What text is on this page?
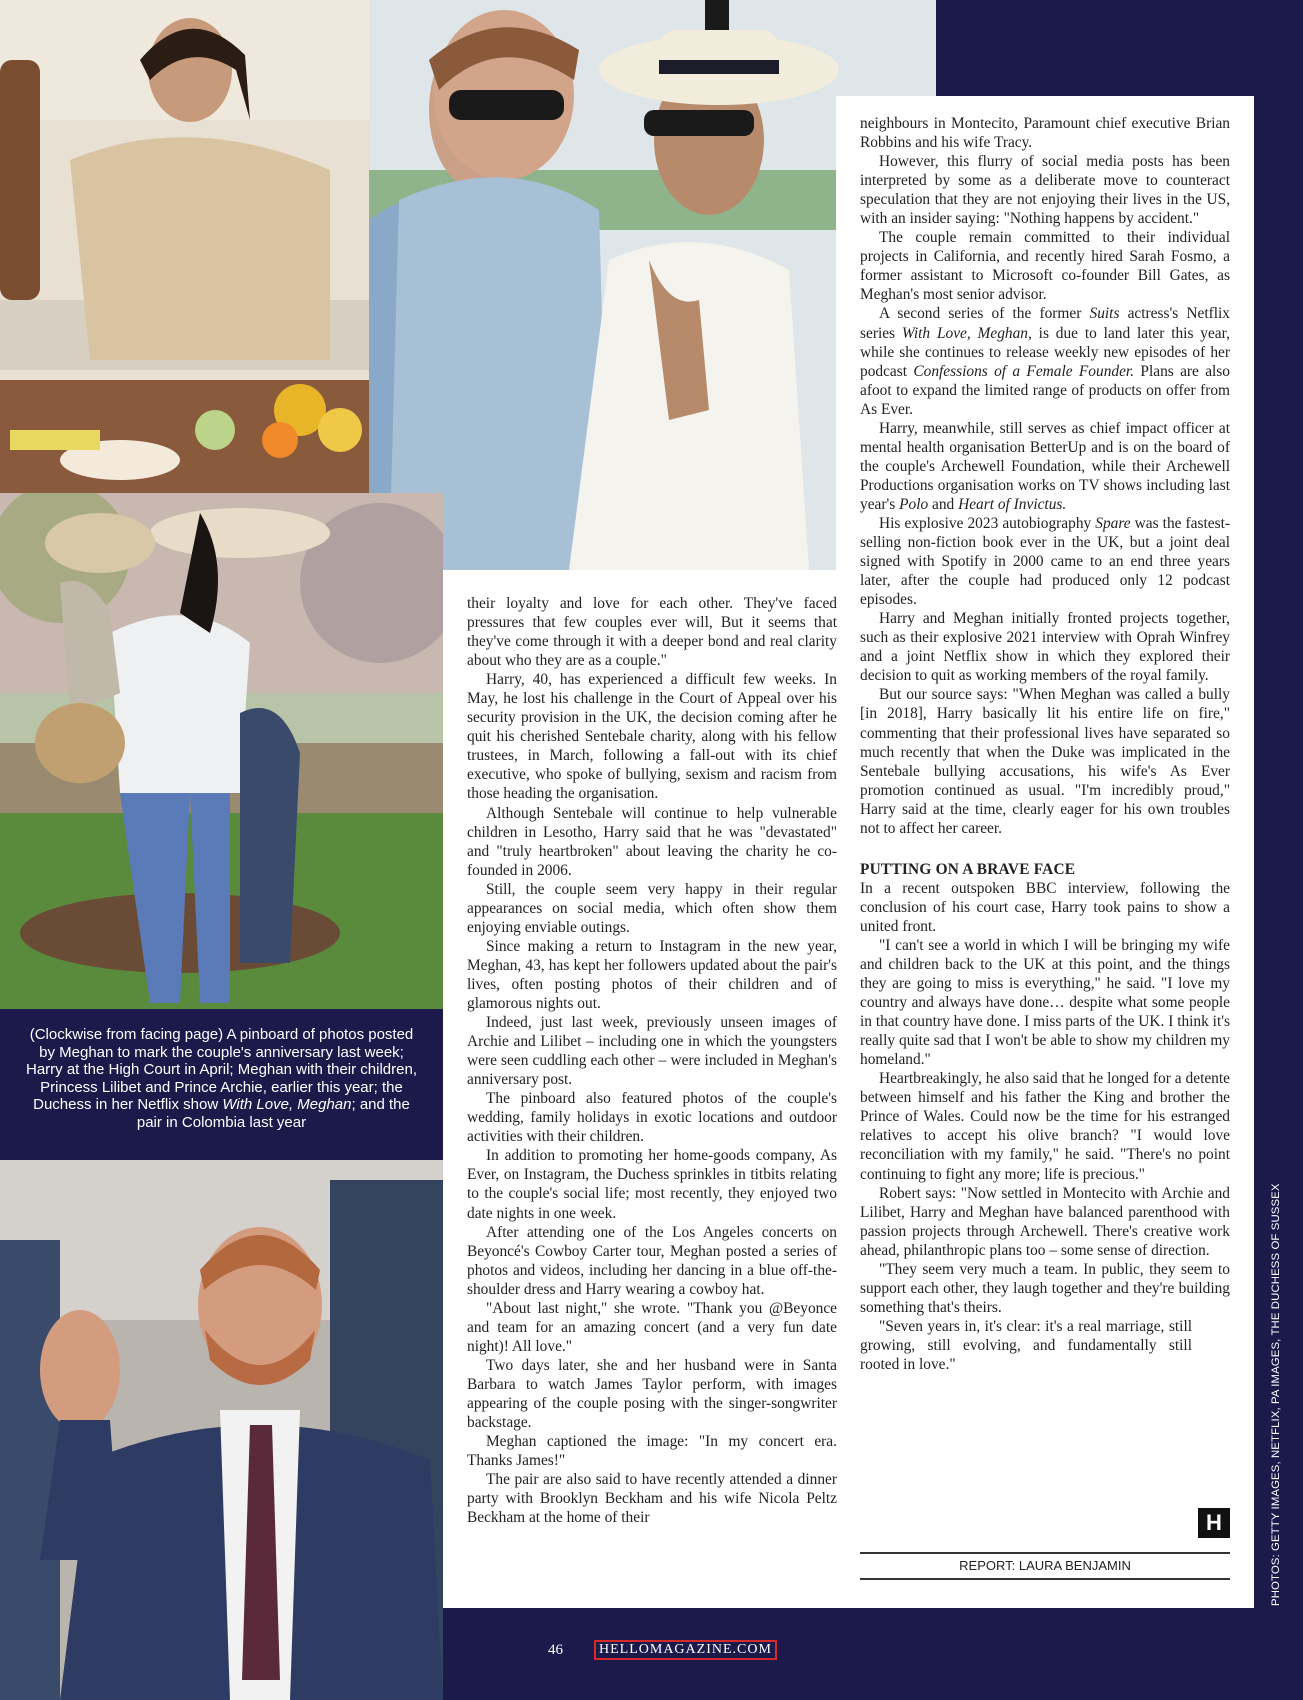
(Clockwise from facing page) A pinboard of photos posted by Meghan to mark the couple's anniversary last week; Harry at the High Court in April; Meghan with their children, Princess Lilibet and Prince Archie, earlier this year; the Duchess in her Netflix show With Love, Meghan; and the pair in Colombia last year

their loyalty and love for each other. They've faced pressures that few couples ever will, But it seems that they've come through it with a deeper bond and real clarity about who they are as a couple."

Harry, 40, has experienced a difficult few weeks. In May, he lost his challenge in the Court of Appeal over his security provision in the UK, the decision coming after he quit his cherished Sentebale charity, along with his fellow trustees, in March, following a fall-out with its chief executive, who spoke of bullying, sexism and racism from those heading the organisation.

Although Sentebale will continue to help vulnerable children in Lesotho, Harry said that he was "devastated" and "truly heartbroken" about leaving the charity he co-founded in 2006.

Still, the couple seem very happy in their regular appearances on social media, which often show them enjoying enviable outings.

Since making a return to Instagram in the new year, Meghan, 43, has kept her followers updated about the pair's lives, often posting photos of their children and of glamorous nights out.

Indeed, just last week, previously unseen images of Archie and Lilibet – including one in which the youngsters were seen cuddling each other – were included in Meghan's anniversary post.

The pinboard also featured photos of the couple's wedding, family holidays in exotic locations and outdoor activities with their children.

In addition to promoting her home-goods company, As Ever, on Instagram, the Duchess sprinkles in titbits relating to the couple's social life; most recently, they enjoyed two date nights in one week.

After attending one of the Los Angeles concerts on Beyoncé's Cowboy Carter tour, Meghan posted a series of photos and videos, including her dancing in a blue off-the-shoulder dress and Harry wearing a cowboy hat.

"About last night," she wrote. "Thank you @Beyonce and team for an amazing concert (and a very fun date night)! All love."

Two days later, she and her husband were in Santa Barbara to watch James Taylor perform, with images appearing of the couple posing with the singer-songwriter backstage.

Meghan captioned the image: "In my concert era. Thanks James!"

The pair are also said to have recently attended a dinner party with Brooklyn Beckham and his wife Nicola Peltz Beckham at the home of their

neighbours in Montecito, Paramount chief executive Brian Robbins and his wife Tracy.

However, this flurry of social media posts has been interpreted by some as a deliberate move to counteract speculation that they are not enjoying their lives in the US, with an insider saying: "Nothing happens by accident."

The couple remain committed to their individual projects in California, and recently hired Sarah Fosmo, a former assistant to Microsoft co-founder Bill Gates, as Meghan's most senior advisor.

A second series of the former Suits actress's Netflix series With Love, Meghan, is due to land later this year, while she continues to release weekly new episodes of her podcast Confessions of a Female Founder. Plans are also afoot to expand the limited range of products on offer from As Ever.

Harry, meanwhile, still serves as chief impact officer at mental health organisation BetterUp and is on the board of the couple's Archewell Foundation, while their Archewell Productions organisation works on TV shows including last year's Polo and Heart of Invictus.

His explosive 2023 autobiography Spare was the fastest-selling non-fiction book ever in the UK, but a joint deal signed with Spotify in 2000 came to an end three years later, after the couple had produced only 12 podcast episodes.

Harry and Meghan initially fronted projects together, such as their explosive 2021 interview with Oprah Winfrey and a joint Netflix show in which they explored their decision to quit as working members of the royal family.

But our source says: "When Meghan was called a bully [in 2018], Harry basically lit his entire life on fire," commenting that their professional lives have separated so much recently that when the Duke was implicated in the Sentebale bullying accusations, his wife's As Ever promotion continued as usual. "I'm incredibly proud," Harry said at the time, clearly eager for his own troubles not to affect her career.

PUTTING ON A BRAVE FACE

In a recent outspoken BBC interview, following the conclusion of his court case, Harry took pains to show a united front.

"I can't see a world in which I will be bringing my wife and children back to the UK at this point, and the things they are going to miss is everything," he said. "I love my country and always have done… despite what some people in that country have done. I miss parts of the UK. I think it's really quite sad that I won't be able to show my children my homeland."

Heartbreakingly, he also said that he longed for a detente between himself and his father the King and brother the Prince of Wales. Could now be the time for his estranged relatives to accept his olive branch? "I would love reconciliation with my family," he said. "There's no point continuing to fight any more; life is precious."

Robert says: "Now settled in Montecito with Archie and Lilibet, Harry and Meghan have balanced parenthood with passion projects through Archewell. There's creative work ahead, philanthropic plans too – some sense of direction.

"They seem very much a team. In public, they seem to support each other, they laugh together and they're building something that's theirs.

"Seven years in, it's clear: it's a real marriage, still growing, still evolving, and fundamentally still rooted in love."

H
REPORT: LAURA BENJAMIN
46	HELLOMAGAZINE.COM
PHOTOS: GETTY IMAGES, NETFLIX, PA IMAGES, THE DUCHESS OF SUSSEX
